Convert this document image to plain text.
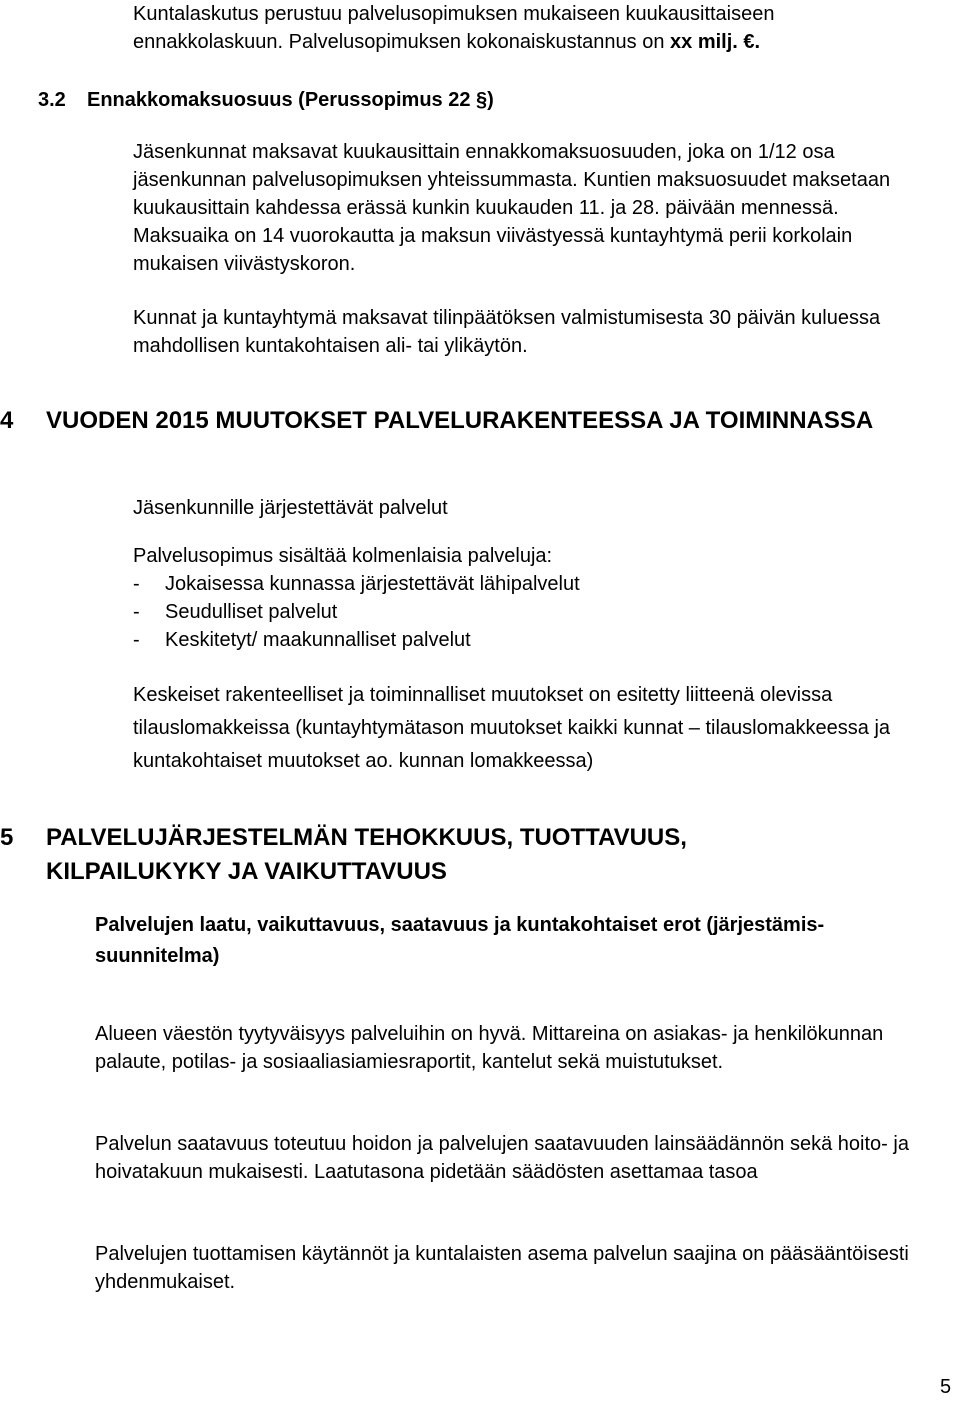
Kuntalaskutus perustuu palvelusopimuksen mukaiseen kuukausittaiseen
ennakkolaskuun. Palvelusopimuksen kokonaiskustannus on xx milj. €.
3.2 Ennakkomaksuosuus (Perussopimus 22 §)

Jäsenkunnat maksavat kuukausittain ennakkomaksuosuuden, joka on 1/12 osa jäsenkunnan palvelusopimuksen yhteissummasta. Kuntien maksuosuudet maksetaan kuukausittain kahdessa erässä kunkin kuukauden 11. ja 28. päivään mennessä. Maksuaika on 14 vuorokautta ja maksun viivästyessä kuntayhtymä perii korkolain mukaisen viivästyskoron.

Kunnat ja kuntayhtymä maksavat tilinpäätöksen valmistumisesta 30 päivän kuluessa mahdollisen kuntakohtaisen ali- tai ylikäytön.

4 VUODEN 2015 MUUTOKSET PALVELURAKENTEESSA JA TOIMINNASSA
Jäsenkunnille järjestettävät palvelut
Palvelusopimus sisältää kolmenlaisia palveluja:
- Jokaisessa kunnassa järjestettävät lähipalvelut
- Seudulliset palvelut
- Keskitetyt/ maakunnalliset palvelut

Keskeiset rakenteelliset ja toiminnalliset muutokset on esitetty liitteenä olevissa tilauslomakkeissa (kuntayhtymätason muutokset kaikki kunnat – tilauslomakkeessa ja kuntakohtaiset muutokset ao. kunnan lomakkeessa)

5 PALVELUJÄRJESTELMÄN TEHOKKUUS, TUOTTAVUUS, KILPAILUKYKY JA VAIKUTTAVUUS
Palvelujen laatu, vaikuttavuus, saatavuus ja kuntakohtaiset erot (järjestämis-suunnitelma)

Alueen väestön tyytyväisyys palveluihin on hyvä. Mittareina on asiakas- ja henkilökunnan palaute, potilas- ja sosiaaliasiamiesraportit, kantelut sekä muistutukset.

Palvelun saatavuus toteutuu hoidon ja palvelujen saatavuuden lainsäädännön sekä hoito- ja hoivatakuun mukaisesti. Laatutasona pidetään säädösten asettamaa tasoa

Palvelujen tuottamisen käytännöt ja kuntalaisten asema palvelun saajina on pääsääntöisesti yhdenmukaiset.

5
